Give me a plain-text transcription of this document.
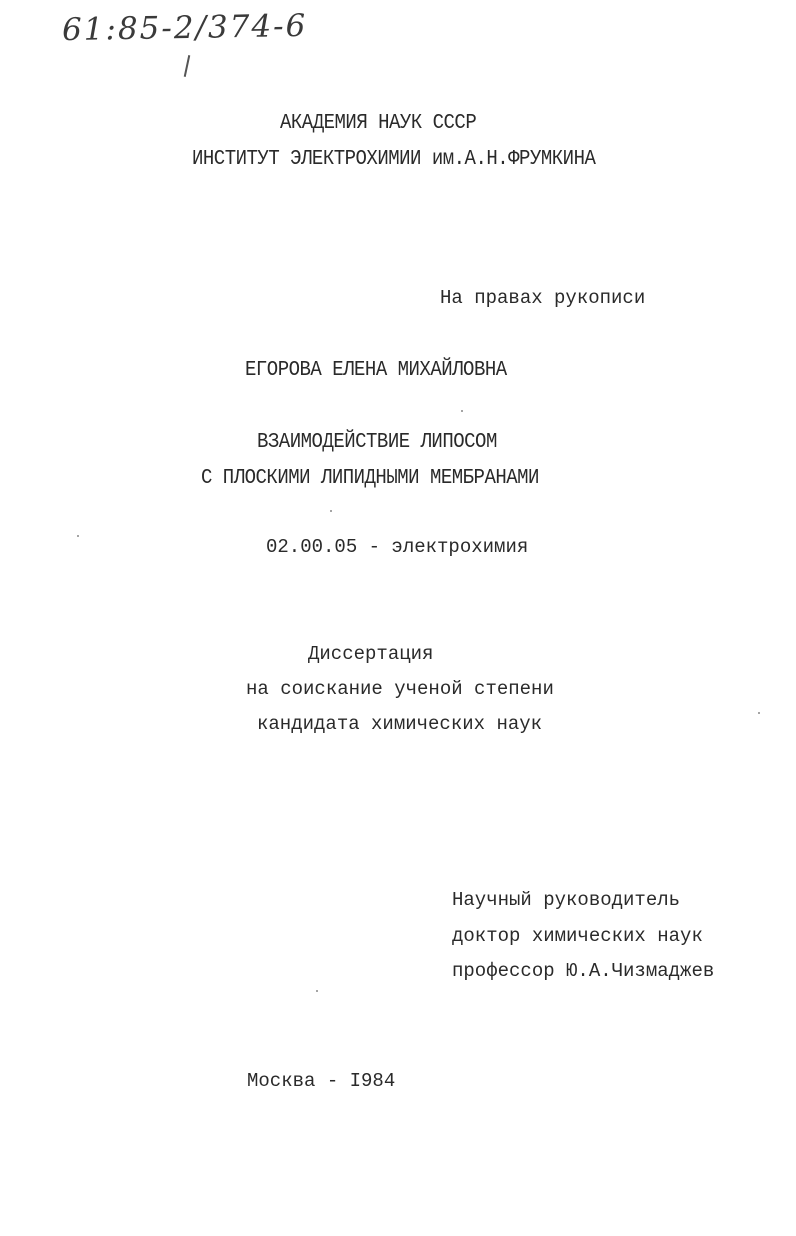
61:85-2/374-6
АКАДЕМИЯ НАУК СССР
ИНСТИТУТ ЭЛЕКТРОХИМИИ им.А.Н.ФРУМКИНА
На правах рукописи
ЕГОРОВА ЕЛЕНА МИХАЙЛОВНА
ВЗАИМОДЕЙСТВИЕ ЛИПОСОМ
С ПЛОСКИМИ ЛИПИДНЫМИ МЕМБРАНАМИ
02.00.05 - электрохимия
Диссертация
на соискание ученой степени
кандидата химических наук
Научный руководитель
доктор химических наук
профессор Ю.А.Чизмаджев
Москва - I984
